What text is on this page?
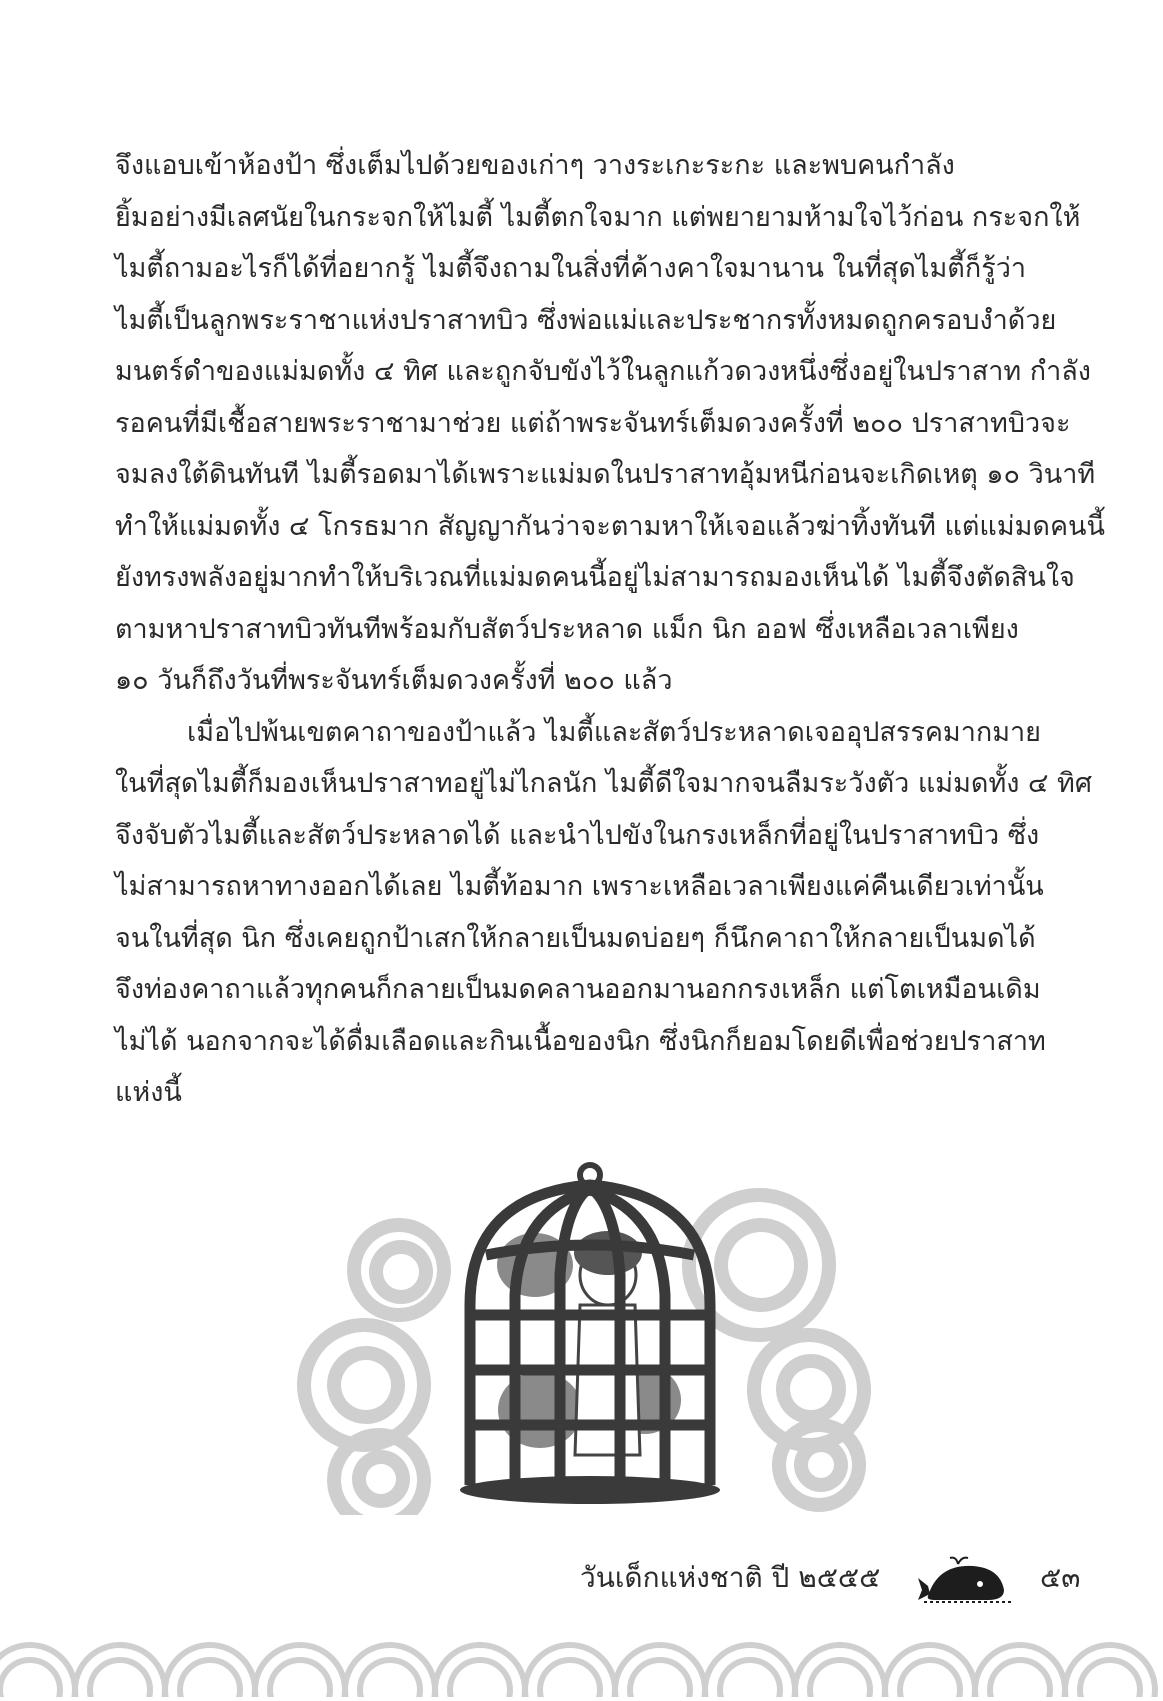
จึงแอบเข้าห้องป้า ซึ่งเต็มไปด้วยของเก่าๆ วางระเกะระกะ และพบคนกำลัง
ยิ้มอย่างมีเลศนัยในกระจกให้ไมตี้ ไมตี้ตกใจมาก แต่พยายามห้ามใจไว้ก่อน กระจกให้
ไมตี้ถามอะไรก็ได้ที่อยากรู้ ไมตี้จึงถามในสิ่งที่ค้างคาใจมานาน ในที่สุดไมตี้ก็รู้ว่า
ไมตี้เป็นลูกพระราชาแห่งปราสาทบิว ซึ่งพ่อแม่และประชากรทั้งหมดถูกครอบงำด้วย
มนตร์ดำของแม่มดทั้ง ๔ ทิศ และถูกจับขังไว้ในลูกแก้วดวงหนึ่งซึ่งอยู่ในปราสาท กำลัง
รอคนที่มีเชื้อสายพระราชามาช่วย แต่ถ้าพระจันทร์เต็มดวงครั้งที่ ๒๐๐ ปราสาทบิวจะ
จมลงใต้ดินทันที ไมตี้รอดมาได้เพราะแม่มดในปราสาทอุ้มหนีก่อนจะเกิดเหตุ ๑๐ วินาที
ทำให้แม่มดทั้ง ๔ โกรธมาก สัญญากันว่าจะตามหาให้เจอแล้วฆ่าทิ้งทันที แต่แม่มดคนนี้
ยังทรงพลังอยู่มากทำให้บริเวณที่แม่มดคนนี้อยู่ไม่สามารถมองเห็นได้ ไมตี้จึงตัดสินใจ
ตามหาปราสาทบิวทันทีพร้อมกับสัตว์ประหลาด แม็ก นิก ออฟ ซึ่งเหลือเวลาเพียง
๑๐ วันก็ถึงวันที่พระจันทร์เต็มดวงครั้งที่ ๒๐๐ แล้ว
เมื่อไปพ้นเขตคาถาของป้าแล้ว ไมตี้และสัตว์ประหลาดเจออุปสรรคมากมาย
ในที่สุดไมตี้ก็มองเห็นปราสาทอยู่ไม่ไกลนัก ไมตี้ดีใจมากจนลืมระวังตัว แม่มดทั้ง ๔ ทิศ
จึงจับตัวไมตี้และสัตว์ประหลาดได้ และนำไปขังในกรงเหล็กที่อยู่ในปราสาทบิว ซึ่ง
ไม่สามารถหาทางออกได้เลย ไมตี้ท้อมาก เพราะเหลือเวลาเพียงแค่คืนเดียวเท่านั้น
จนในที่สุด นิก ซึ่งเคยถูกป้าเสกให้กลายเป็นมดบ่อยๆ ก็นึกคาถาให้กลายเป็นมดได้
จึงท่องคาถาแล้วทุกคนก็กลายเป็นมดคลานออกมานอกกรงเหล็ก แต่โตเหมือนเดิม
ไม่ได้ นอกจากจะได้ดื่มเลือดและกินเนื้อของนิก ซึ่งนิกก็ยอมโดยดีเพื่อช่วยปราสาท
แห่งนี้
วันเด็กแห่งชาติ ปี ๒๕๕๕	๕๓
